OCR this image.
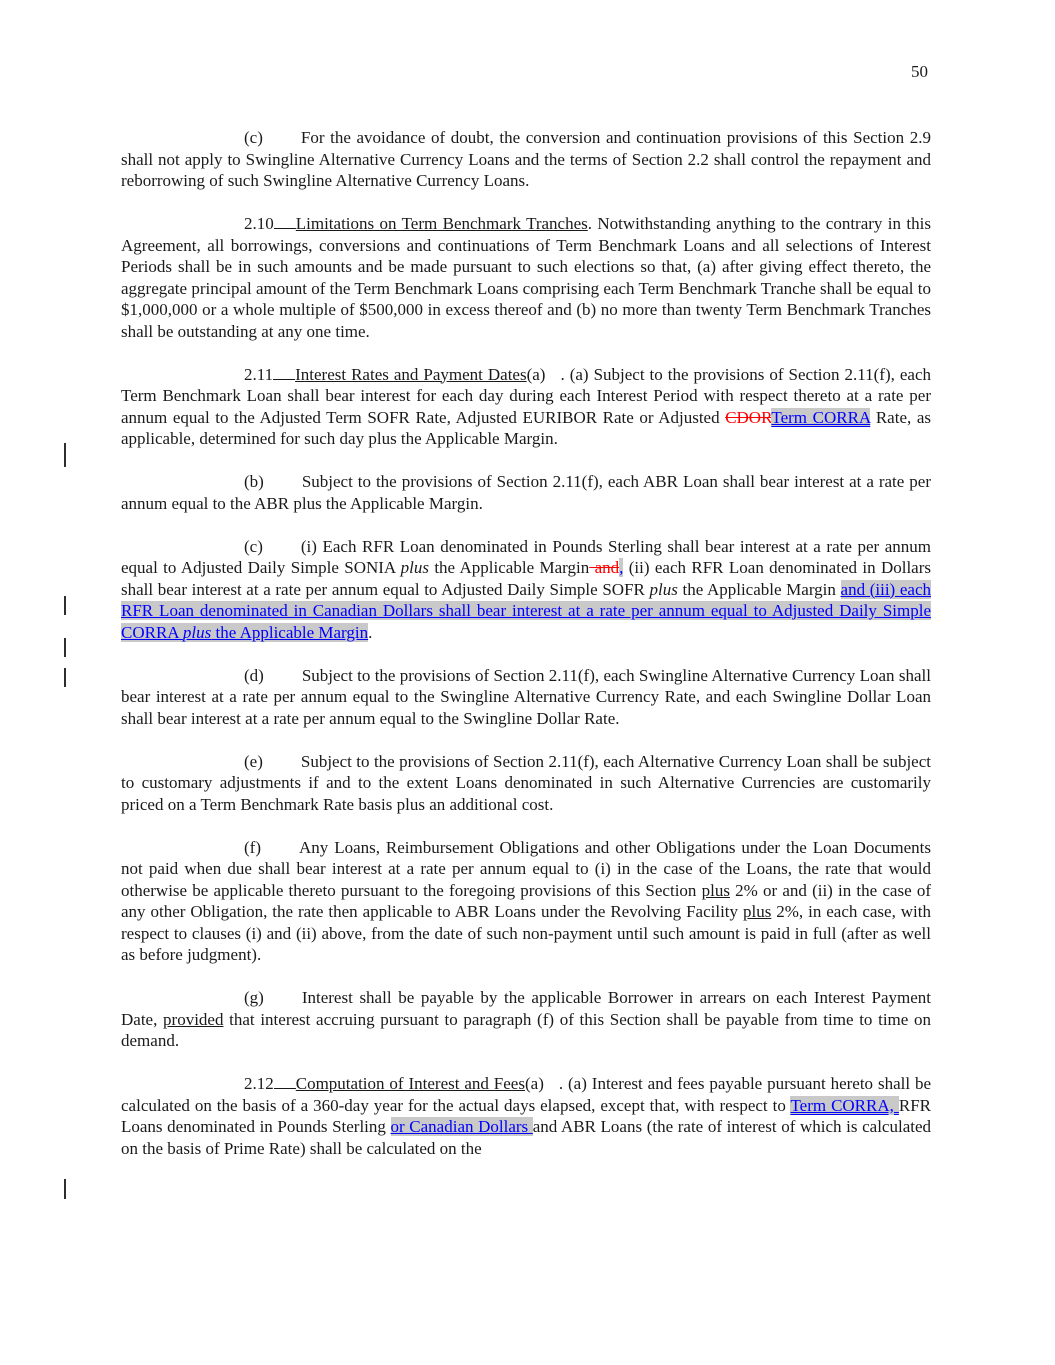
50
(c) For the avoidance of doubt, the conversion and continuation provisions of this Section 2.9 shall not apply to Swingline Alternative Currency Loans and the terms of Section 2.2 shall control the repayment and reborrowing of such Swingline Alternative Currency Loans.
2.10 Limitations on Term Benchmark Tranches. Notwithstanding anything to the contrary in this Agreement, all borrowings, conversions and continuations of Term Benchmark Loans and all selections of Interest Periods shall be in such amounts and be made pursuant to such elections so that, (a) after giving effect thereto, the aggregate principal amount of the Term Benchmark Loans comprising each Term Benchmark Tranche shall be equal to $1,000,000 or a whole multiple of $500,000 in excess thereof and (b) no more than twenty Term Benchmark Tranches shall be outstanding at any one time.
2.11 Interest Rates and Payment Dates(a) . (a) Subject to the provisions of Section 2.11(f), each Term Benchmark Loan shall bear interest for each day during each Interest Period with respect thereto at a rate per annum equal to the Adjusted Term SOFR Rate, Adjusted EURIBOR Rate or Adjusted CDORTerm CORRA Rate, as applicable, determined for such day plus the Applicable Margin.
(b) Subject to the provisions of Section 2.11(f), each ABR Loan shall bear interest at a rate per annum equal to the ABR plus the Applicable Margin.
(c) (i) Each RFR Loan denominated in Pounds Sterling shall bear interest at a rate per annum equal to Adjusted Daily Simple SONIA plus the Applicable Margin and, (ii) each RFR Loan denominated in Dollars shall bear interest at a rate per annum equal to Adjusted Daily Simple SOFR plus the Applicable Margin and (iii) each RFR Loan denominated in Canadian Dollars shall bear interest at a rate per annum equal to Adjusted Daily Simple CORRA plus the Applicable Margin.
(d) Subject to the provisions of Section 2.11(f), each Swingline Alternative Currency Loan shall bear interest at a rate per annum equal to the Swingline Alternative Currency Rate, and each Swingline Dollar Loan shall bear interest at a rate per annum equal to the Swingline Dollar Rate.
(e) Subject to the provisions of Section 2.11(f), each Alternative Currency Loan shall be subject to customary adjustments if and to the extent Loans denominated in such Alternative Currencies are customarily priced on a Term Benchmark Rate basis plus an additional cost.
(f) Any Loans, Reimbursement Obligations and other Obligations under the Loan Documents not paid when due shall bear interest at a rate per annum equal to (i) in the case of the Loans, the rate that would otherwise be applicable thereto pursuant to the foregoing provisions of this Section plus 2% or and (ii) in the case of any other Obligation, the rate then applicable to ABR Loans under the Revolving Facility plus 2%, in each case, with respect to clauses (i) and (ii) above, from the date of such non-payment until such amount is paid in full (after as well as before judgment).
(g) Interest shall be payable by the applicable Borrower in arrears on each Interest Payment Date, provided that interest accruing pursuant to paragraph (f) of this Section shall be payable from time to time on demand.
2.12 Computation of Interest and Fees(a) . (a) Interest and fees payable pursuant hereto shall be calculated on the basis of a 360-day year for the actual days elapsed, except that, with respect to Term CORRA, RFR Loans denominated in Pounds Sterling or Canadian Dollars and ABR Loans (the rate of interest of which is calculated on the basis of Prime Rate) shall be calculated on the
